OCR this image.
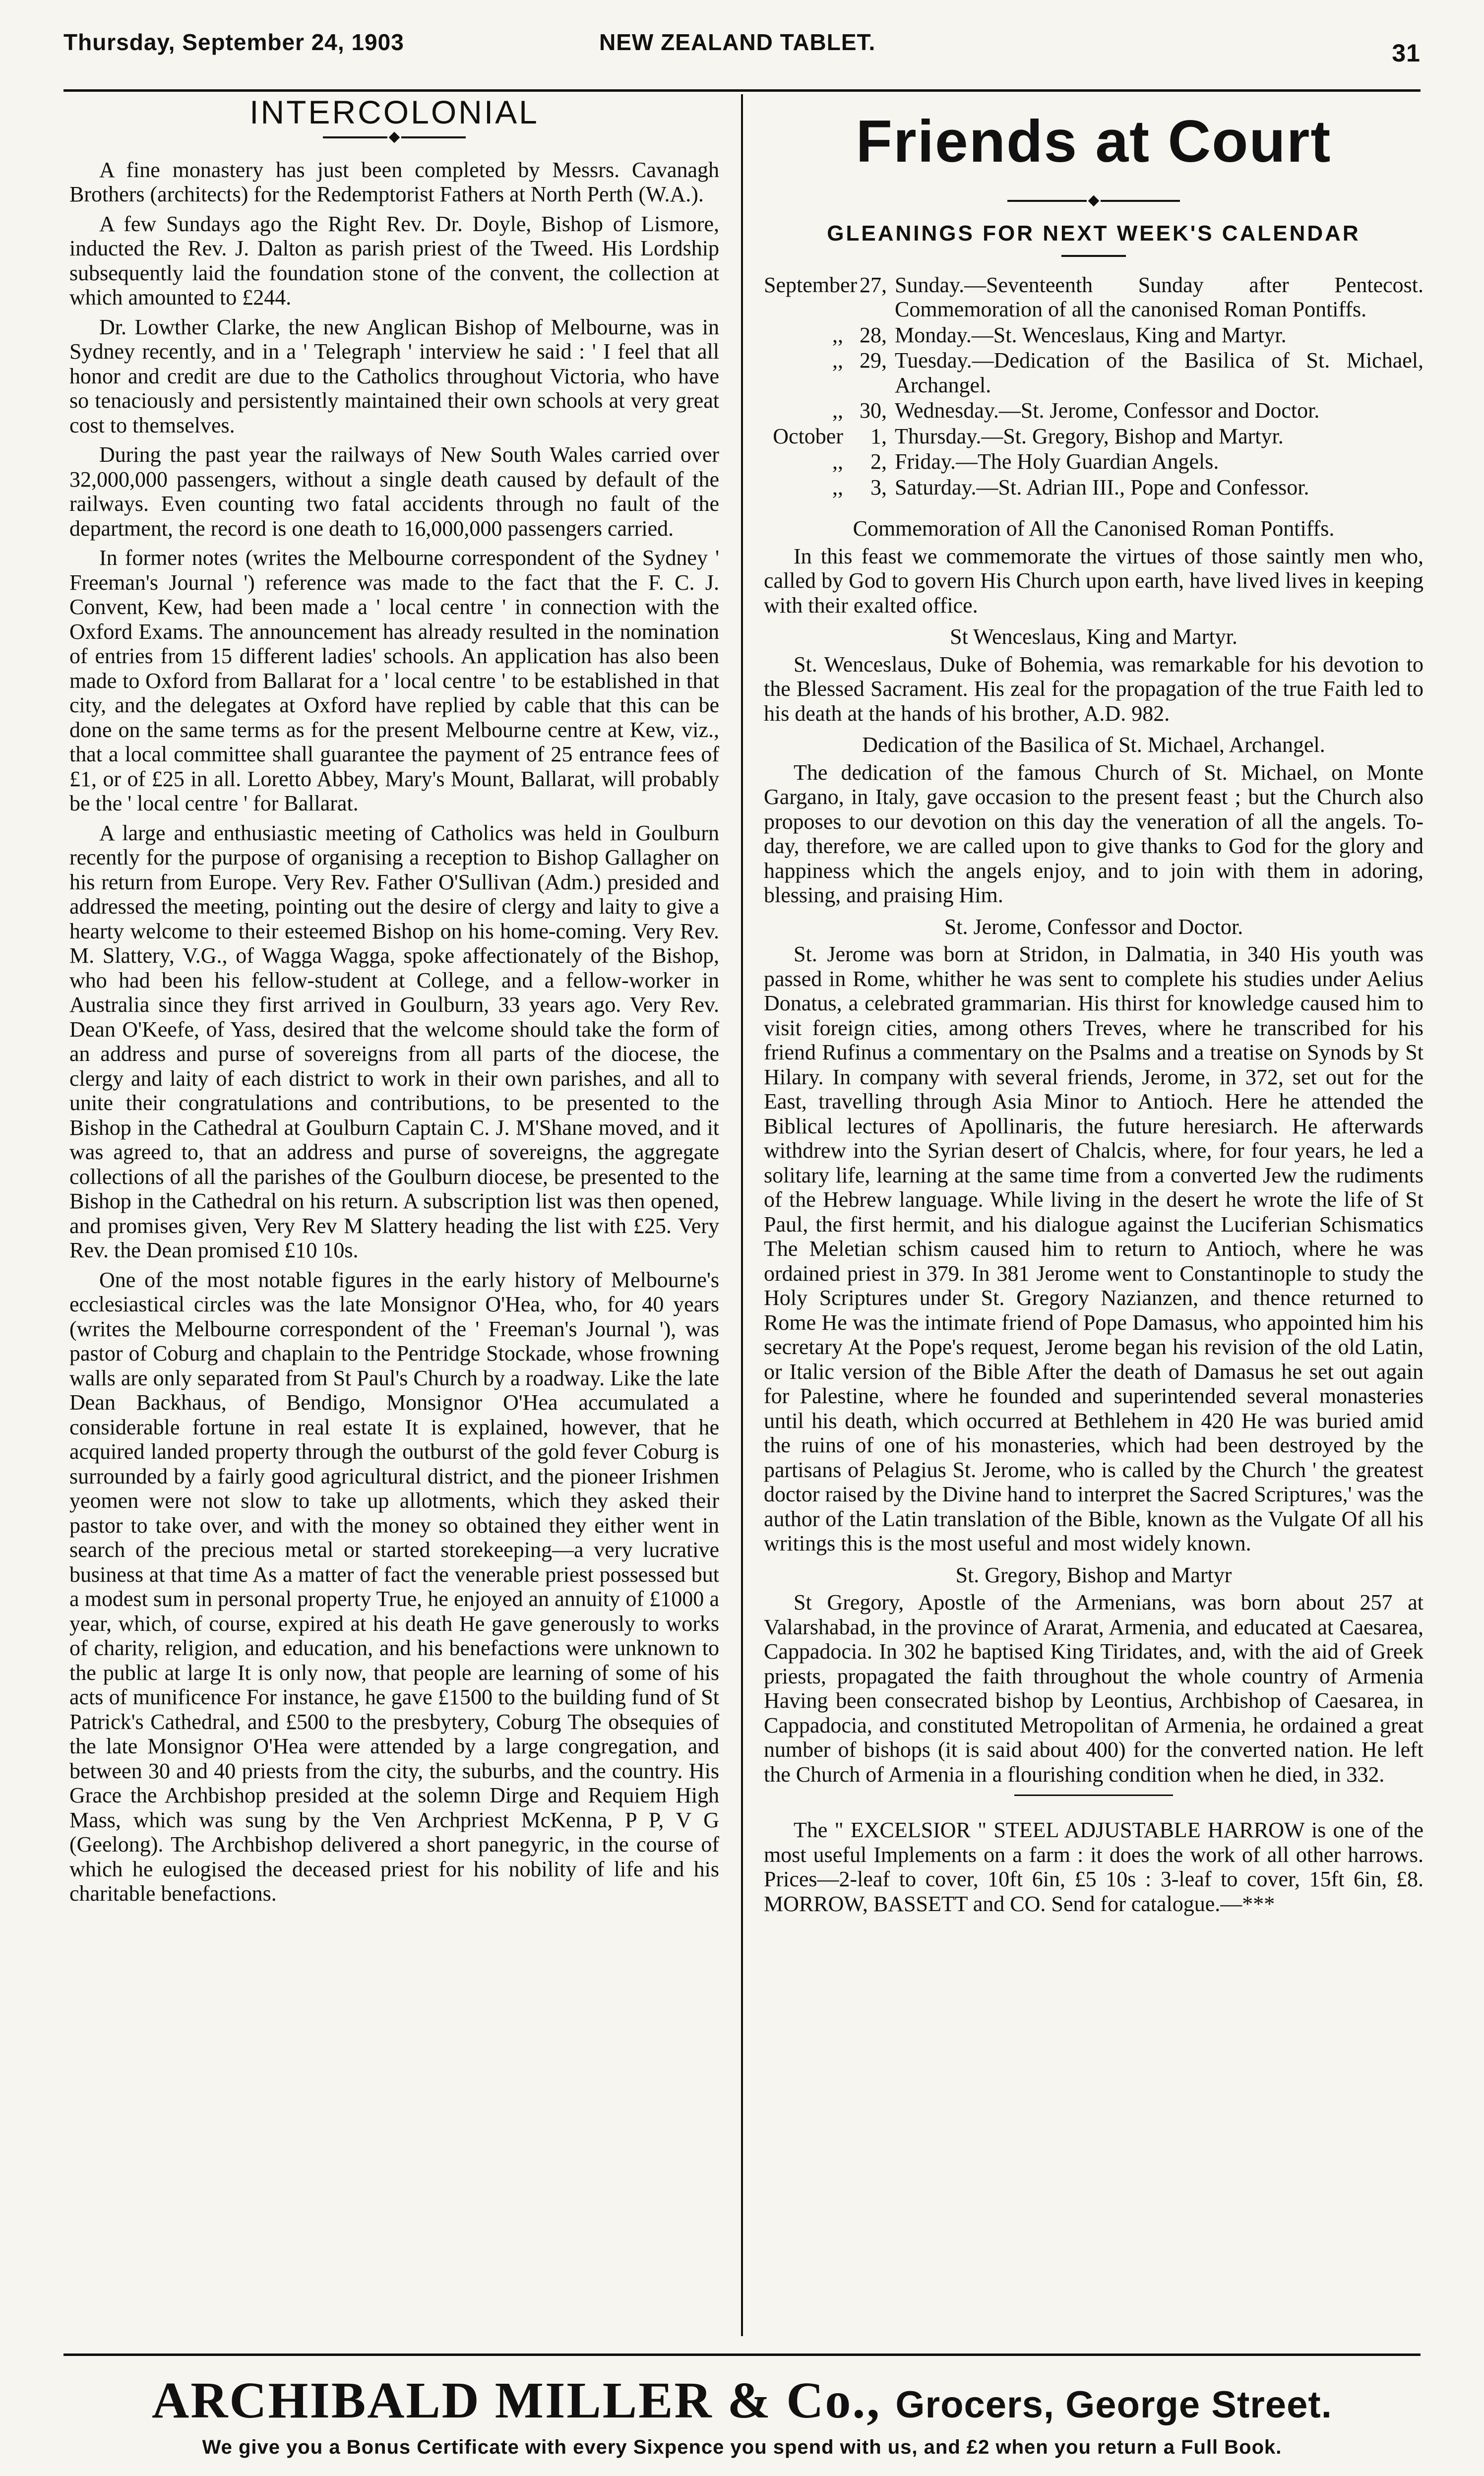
Thursday, September 24, 1903	NEW ZEALAND TABLET.	31
INTERCOLONIAL

A fine monastery has just been completed by Messrs. Cavanagh Brothers (architects) for the Redemptorist Fathers at North Perth (W.A.).

A few Sundays ago the Right Rev. Dr. Doyle, Bishop of Lismore, inducted the Rev. J. Dalton as parish priest of the Tweed. His Lordship subsequently laid the foundation stone of the convent, the collection at which amounted to £244.

Dr. Lowther Clarke, the new Anglican Bishop of Melbourne, was in Sydney recently, and in a ' Telegraph ' interview he said : ' I feel that all honor and credit are due to the Catholics throughout Victoria, who have so tenaciously and persistently maintained their own schools at very great cost to themselves.

During the past year the railways of New South Wales carried over 32,000,000 passengers, without a single death caused by default of the railways. Even counting two fatal accidents through no fault of the department, the record is one death to 16,000,000 passengers carried.

In former notes (writes the Melbourne correspondent of the Sydney ' Freeman's Journal ') reference was made to the fact that the F. C. J. Convent, Kew, had been made a ' local centre ' in connection with the Oxford Exams. The announcement has already resulted in the nomination of entries from 15 different ladies' schools. An application has also been made to Oxford from Ballarat for a ' local centre ' to be established in that city, and the delegates at Oxford have replied by cable that this can be done on the same terms as for the present Melbourne centre at Kew, viz., that a local committee shall guarantee the payment of 25 entrance fees of £1, or of £25 in all. Loretto Abbey, Mary's Mount, Ballarat, will probably be the ' local centre ' for Ballarat.

A large and enthusiastic meeting of Catholics was held in Goulburn recently for the purpose of organising a reception to Bishop Gallagher on his return from Europe. Very Rev. Father O'Sullivan (Adm.) presided and addressed the meeting, pointing out the desire of clergy and laity to give a hearty welcome to their esteemed Bishop on his home-coming. Very Rev. M. Slattery, V.G., of Wagga Wagga, spoke affectionately of the Bishop, who had been his fellow-student at College, and a fellow-worker in Australia since they first arrived in Goulburn, 33 years ago. Very Rev. Dean O'Keefe, of Yass, desired that the welcome should take the form of an address and purse of sovereigns from all parts of the diocese, the clergy and laity of each district to work in their own parishes, and all to unite their congratulations and contributions, to be presented to the Bishop in the Cathedral at Goulburn Captain C. J. M'Shane moved, and it was agreed to, that an address and purse of sovereigns, the aggregate collections of all the parishes of the Goulburn diocese, be presented to the Bishop in the Cathedral on his return. A subscription list was then opened, and promises given, Very Rev M Slattery heading the list with £25. Very Rev. the Dean promised £10 10s.

One of the most notable figures in the early history of Melbourne's ecclesiastical circles was the late Monsignor O'Hea, who, for 40 years (writes the Melbourne correspondent of the ' Freeman's Journal '), was pastor of Coburg and chaplain to the Pentridge Stockade, whose frowning walls are only separated from St Paul's Church by a roadway. Like the late Dean Backhaus, of Bendigo, Monsignor O'Hea accumulated a considerable fortune in real estate It is explained, however, that he acquired landed property through the outburst of the gold fever Coburg is surrounded by a fairly good agricultural district, and the pioneer Irishmen yeomen were not slow to take up allotments, which they asked their pastor to take over, and with the money so obtained they either went in search of the precious metal or started storekeeping—a very lucrative business at that time As a matter of fact the venerable priest possessed but a modest sum in personal property True, he enjoyed an annuity of £1000 a year, which, of course, expired at his death He gave generously to works of charity, religion, and education, and his benefactions were unknown to the public at large It is only now, that people are learning of some of his acts of munificence For instance, he gave £1500 to the building fund of St Patrick's Cathedral, and £500 to the presbytery, Coburg The obsequies of the late Monsignor O'Hea were attended by a large congregation, and between 30 and 40 priests from the city, the suburbs, and the country. His Grace the Archbishop presided at the solemn Dirge and Requiem High Mass, which was sung by the Ven Archpriest McKenna, P P, V G (Geelong). The Archbishop delivered a short panegyric, in the course of which he eulogised the deceased priest for his nobility of life and his charitable benefactions.

Friends at Court
GLEANINGS FOR NEXT WEEK'S CALENDAR
September 27, Sunday.—Seventeenth Sunday after Pentecost. Commemoration of all the canonised Roman Pontiffs.
,, 28, Monday.—St. Wenceslaus, King and Martyr.
,, 29, Tuesday.—Dedication of the Basilica of St. Michael, Archangel.
,, 30, Wednesday.—St. Jerome, Confessor and Doctor.
October	1, Thursday.—St. Gregory, Bishop and Martyr.
,,	2, Friday.—The Holy Guardian Angels.
,,	3, Saturday.—St. Adrian III., Pope and Confessor.

Commemoration of All the Canonised Roman Pontiffs.

In this feast we commemorate the virtues of those saintly men who, called by God to govern His Church upon earth, have lived lives in keeping with their exalted office.

St Wenceslaus, King and Martyr.

St. Wenceslaus, Duke of Bohemia, was remarkable for his devotion to the Blessed Sacrament. His zeal for the propagation of the true Faith led to his death at the hands of his brother, A.D. 982.

Dedication of the Basilica of St. Michael, Archangel.

The dedication of the famous Church of St. Michael, on Monte Gargano, in Italy, gave occasion to the present feast ; but the Church also proposes to our devotion on this day the veneration of all the angels. To-day, therefore, we are called upon to give thanks to God for the glory and happiness which the angels enjoy, and to join with them in adoring, blessing, and praising Him.

St. Jerome, Confessor and Doctor.

St. Jerome was born at Stridon, in Dalmatia, in 340 His youth was passed in Rome, whither he was sent to complete his studies under Aelius Donatus, a celebrated grammarian. His thirst for knowledge caused him to visit foreign cities, among others Treves, where he transcribed for his friend Rufinus a commentary on the Psalms and a treatise on Synods by St Hilary. In company with several friends, Jerome, in 372, set out for the East, travelling through Asia Minor to Antioch. Here he attended the Biblical lectures of Apollinaris, the future heresiarch. He afterwards withdrew into the Syrian desert of Chalcis, where, for four years, he led a solitary life, learning at the same time from a converted Jew the rudiments of the Hebrew language. While living in the desert he wrote the life of St Paul, the first hermit, and his dialogue against the Luciferian Schismatics The Meletian schism caused him to return to Antioch, where he was ordained priest in 379. In 381 Jerome went to Constantinople to study the Holy Scriptures under St. Gregory Nazianzen, and thence returned to Rome He was the intimate friend of Pope Damasus, who appointed him his secretary At the Pope's request, Jerome began his revision of the old Latin, or Italic version of the Bible After the death of Damasus he set out again for Palestine, where he founded and superintended several monasteries until his death, which occurred at Bethlehem in 420 He was buried amid the ruins of one of his monasteries, which had been destroyed by the partisans of Pelagius St. Jerome, who is called by the Church ' the greatest doctor raised by the Divine hand to interpret the Sacred Scriptures,' was the author of the Latin translation of the Bible, known as the Vulgate Of all his writings this is the most useful and most widely known.

St. Gregory, Bishop and Martyr

St Gregory, Apostle of the Armenians, was born about 257 at Valarshabad, in the province of Ararat, Armenia, and educated at Caesarea, Cappadocia. In 302 he baptised King Tiridates, and, with the aid of Greek priests, propagated the faith throughout the whole country of Armenia Having been consecrated bishop by Leontius, Archbishop of Caesarea, in Cappadocia, and constituted Metropolitan of Armenia, he ordained a great number of bishops (it is said about 400) for the converted nation. He left the Church of Armenia in a flourishing condition when he died, in 332.

The " EXCELSIOR " STEEL ADJUSTABLE HARROW is one of the most useful Implements on a farm : it does the work of all other harrows. Prices—2-leaf to cover, 10ft 6in, £5 10s : 3-leaf to cover, 15ft 6in, £8. MORROW, BASSETT and CO. Send for catalogue.—***

ARCHIBALD MILLER & Co., Grocers, George Street.
We give you a Bonus Certificate with every Sixpence you spend with us, and £2 when you return a Full Book.
